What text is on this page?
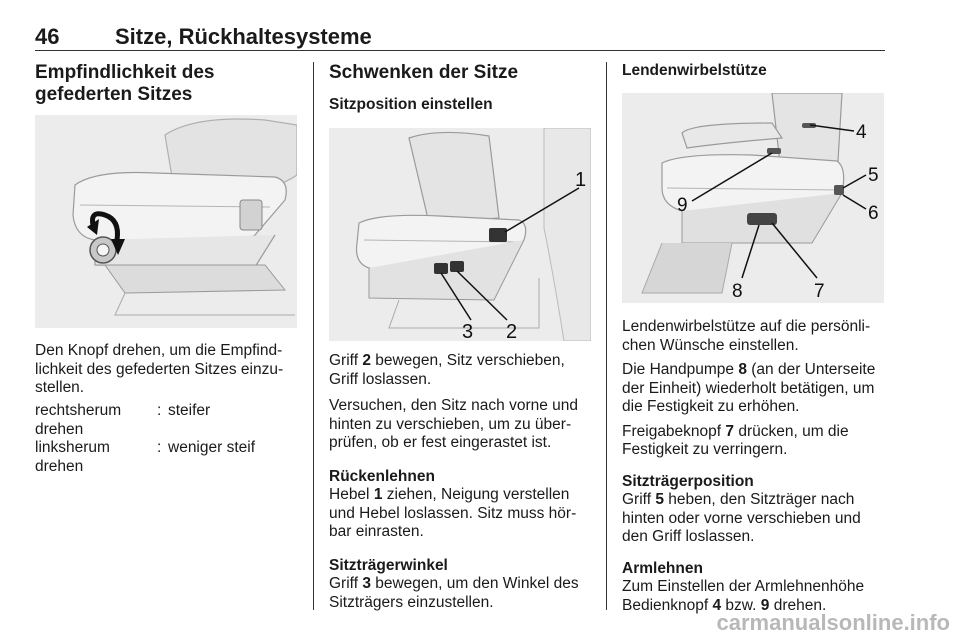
46	Sitze, Rückhaltesysteme
Empfindlichkeit des gefederten Sitzes

Den Knopf drehen, um die Empfind-
lichkeit des gefederten Sitzes einzu-
stellen.

rechtsherum drehen
: steifer
linksherum drehen
: weniger steif
Schwenken der Sitze
Sitzposition einstellen
1
3 2

Griff 2 bewegen, Sitz verschieben,
Griff loslassen.

Versuchen, den Sitz nach vorne und
hinten zu verschieben, um zu über-
prüfen, ob er fest eingerastet ist.

Rückenlehnen

Hebel 1 ziehen, Neigung verstellen
und Hebel loslassen. Sitz muss hör-
bar einrasten.

Sitzträgerwinkel

Griff 3 bewegen, um den Winkel des
Sitzträgers einzustellen.

Lendenwirbelstütze
4
5
6
9
8	7

Lendenwirbelstütze auf die persönli-
chen Wünsche einstellen.

Die Handpumpe 8 (an der Unterseite
der Einheit) wiederholt betätigen, um
die Festigkeit zu erhöhen.

Freigabeknopf 7 drücken, um die
Festigkeit zu verringern.

Sitzträgerposition

Griff 5 heben, den Sitzträger nach
hinten oder vorne verschieben und
den Griff loslassen.

Armlehnen

Zum Einstellen der Armlehnenhöhe
Bedienknopf 4 bzw. 9 drehen.

carmanualsonline.info
